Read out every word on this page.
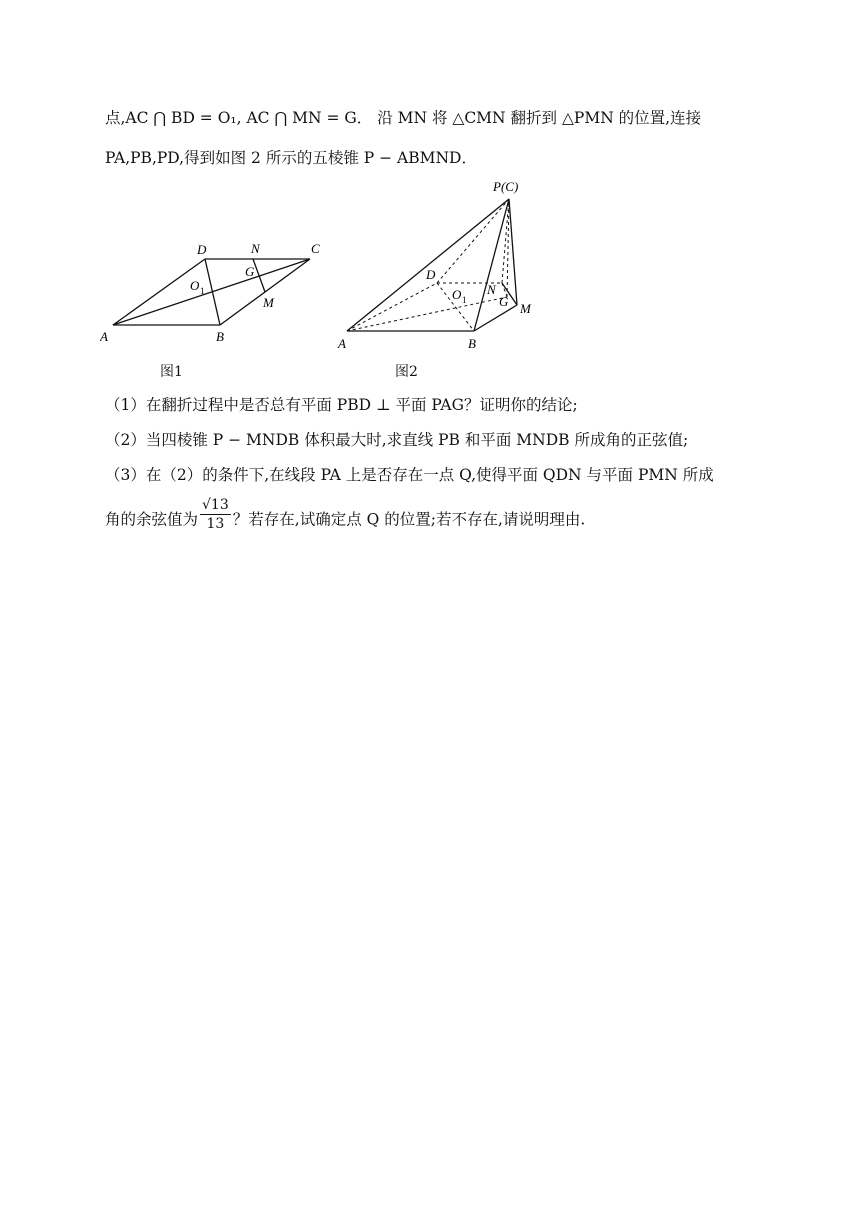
点,AC ⋂ BD = O₁, AC ⋂ MN = G． 沿 MN 将 △CMN 翻折到 △PMN 的位置,连接
PA,PB,PD,得到如图 2 所示的五棱锥 P − ABMND．
A	B
C
D	N
G
M
O 1
图1
P(C)
A	B
D
N
G M
O 1
图2
（1）在翻折过程中是否总有平面 PBD ⊥ 平面 PAG？证明你的结论;
（2）当四棱锥 P − MNDB 体积最大时,求直线 PB 和平面 MNDB 所成角的正弦值;
（3）在（2）的条件下,在线段 PA 上是否存在一点 Q,使得平面 QDN 与平面 PMN 所成
角的余弦值为 $\frac{√13}{13}$ ？若存在,试确定点 Q 的位置;若不存在,请说明理由.
